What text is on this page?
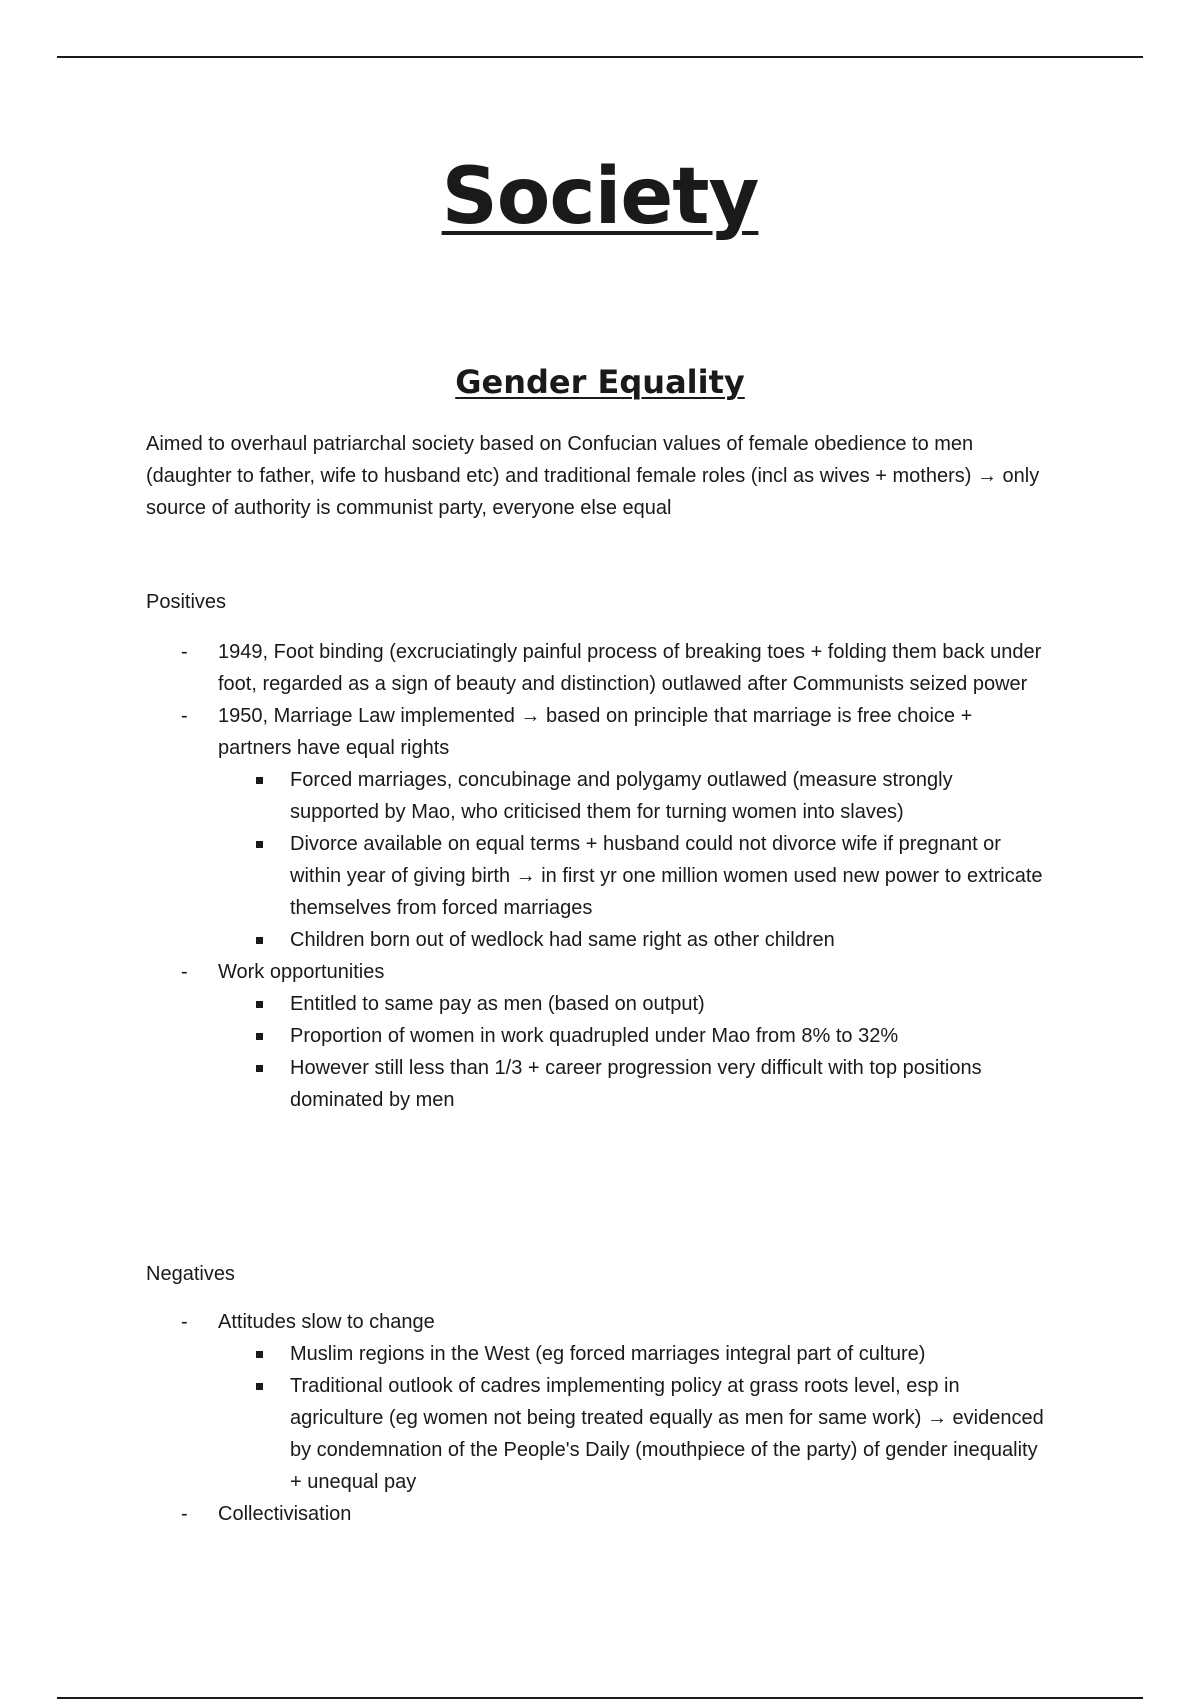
Society
Gender Equality
Aimed to overhaul patriarchal society based on Confucian values of female obedience to men (daughter to father, wife to husband etc) and traditional female roles (incl as wives + mothers) → only source of authority is communist party, everyone else equal
Positives
- 1949, Foot binding (excruciatingly painful process of breaking toes + folding them back under foot, regarded as a sign of beauty and distinction) outlawed after Communists seized power
- 1950, Marriage Law implemented → based on principle that marriage is free choice + partners have equal rights
Forced marriages, concubinage and polygamy outlawed (measure strongly supported by Mao, who criticised them for turning women into slaves)
Divorce available on equal terms + husband could not divorce wife if pregnant or within year of giving birth → in first yr one million women used new power to extricate themselves from forced marriages
Children born out of wedlock had same right as other children
- Work opportunities
Entitled to same pay as men (based on output)
Proportion of women in work quadrupled under Mao from 8% to 32%
However still less than 1/3 + career progression very difficult with top positions dominated by men
Negatives
- Attitudes slow to change
Muslim regions in the West (eg forced marriages integral part of culture)
Traditional outlook of cadres implementing policy at grass roots level, esp in agriculture (eg women not being treated equally as men for same work) → evidenced by condemnation of the People's Daily (mouthpiece of the party) of gender inequality + unequal pay
- Collectivisation
